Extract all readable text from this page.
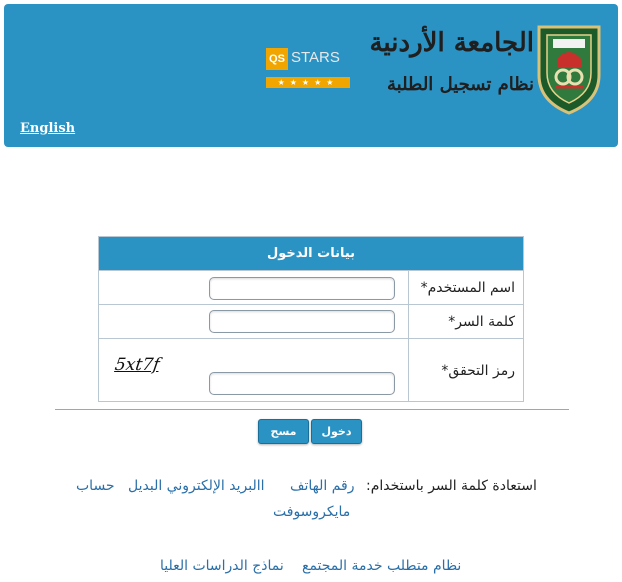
English
الجامعة الأردنية
نظام تسجيل الطلبة
QS STARS
★★★★★
بيانات الدخول
اسم المستخدم*
كلمة السر*
رمز التحقق*
5xt7f
دخول
مسح
استعادة كلمة السر باستخدام:
رقم الهاتف
االبريد الإلكتروني البديل
حساب
مايكروسوفت
نظام متطلب خدمة المجتمع
نماذج الدراسات العليا
